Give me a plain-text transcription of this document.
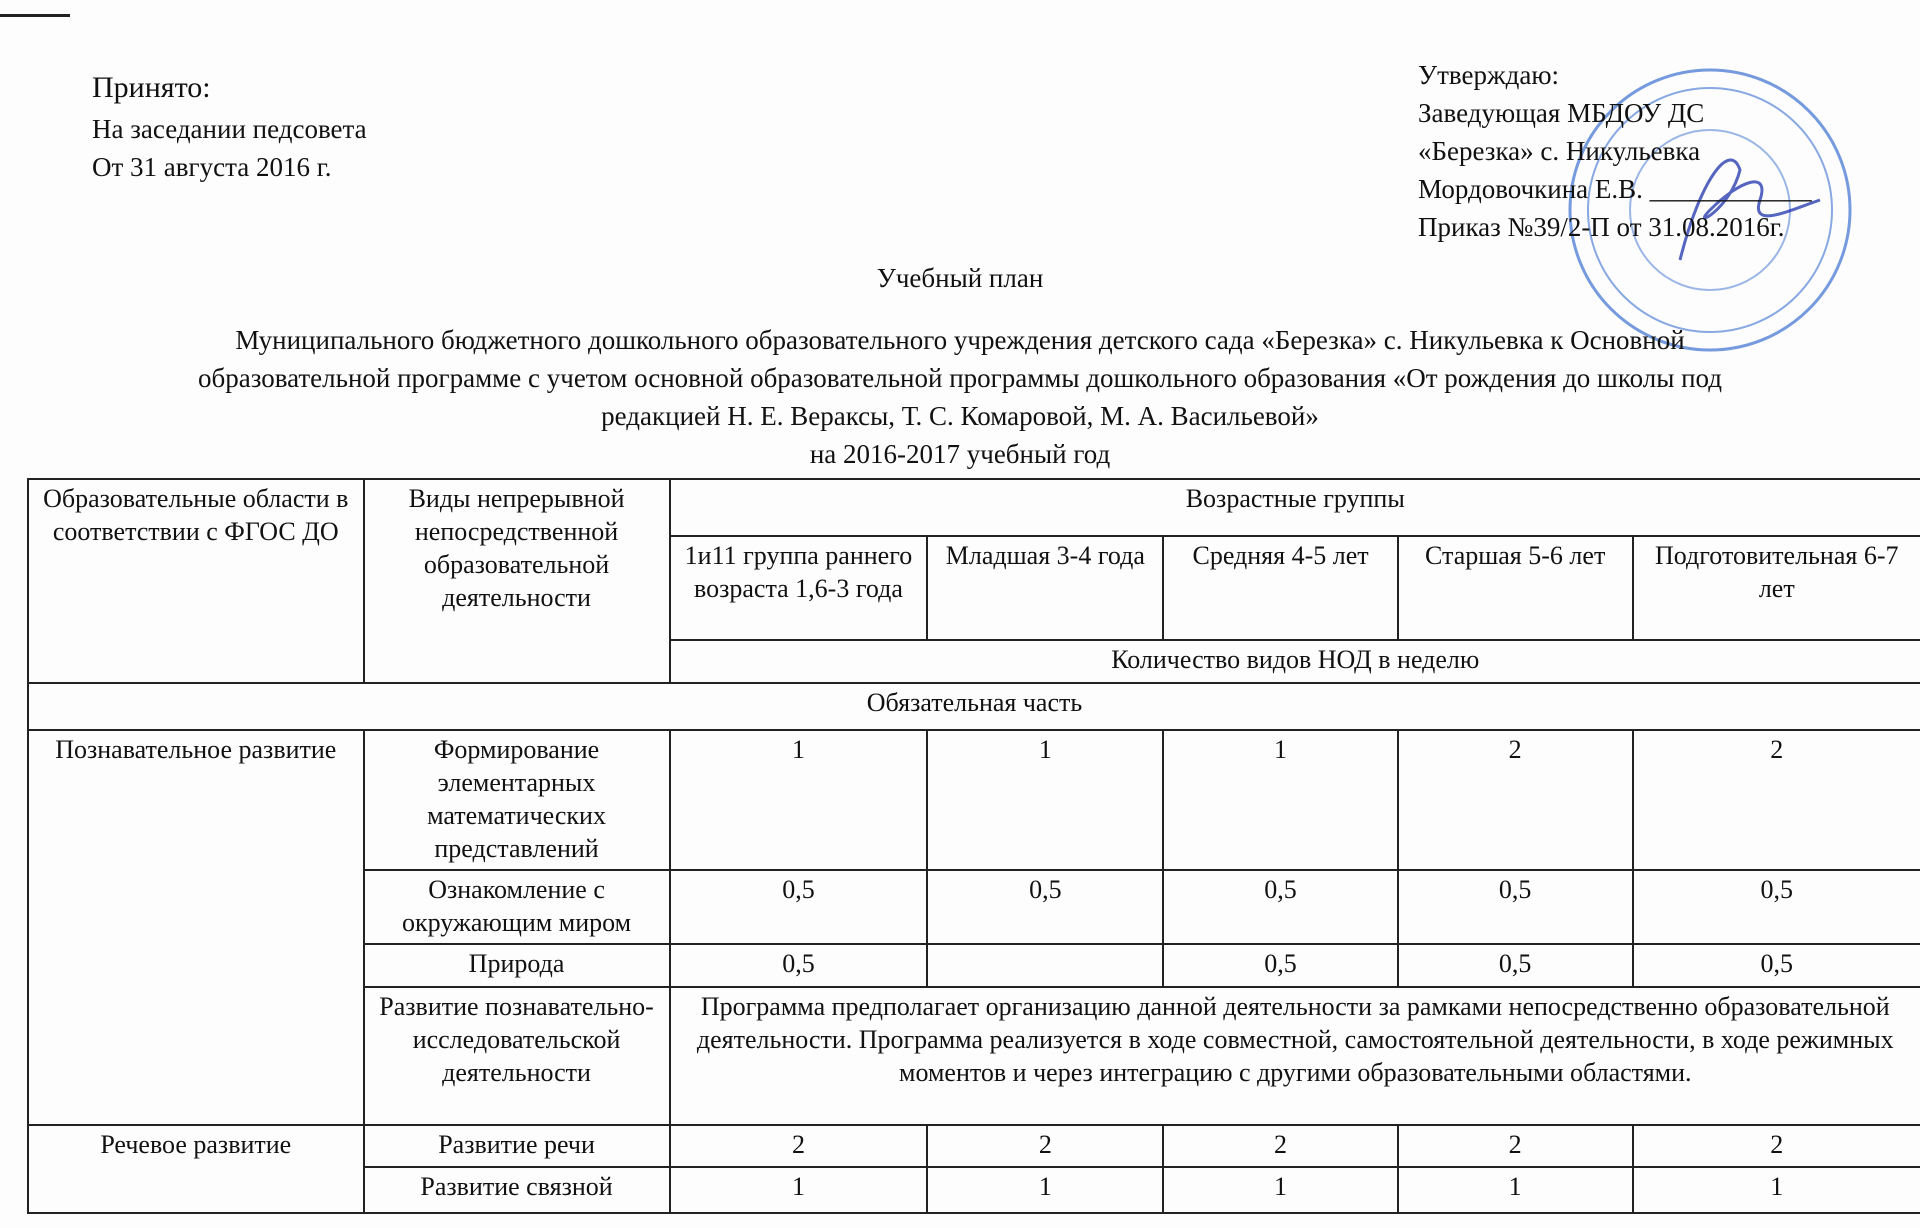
Принято:
На заседании педсовета
От 31 августа 2016 г.
Утверждаю:
Заведующая МБДОУ ДС
«Березка» с. Никульевка
Мордовочкина Е.В. ____________
Приказ №39/2-П от 31.08.2016г.
Учебный план
Муниципального бюджетного дошкольного образовательного учреждения детского сада «Березка» с. Никульевка к Основной
образовательной программе с учетом основной образовательной программы дошкольного образования «От рождения до школы под
редакцией Н. Е. Вераксы, Т. С. Комаровой, М. А. Васильевой»
на 2016-2017 учебный год
Образовательные области в соответствии с ФГОС ДО	Виды непрерывной непосредственной образовательной деятельности	Возрастные группы				
		1и11 группа раннего возраста 1,6-3 года	Младшая 3-4 года	Средняя 4-5 лет	Старшая 5-6 лет	Подготовительная 6-7 лет
		Количество видов НОД в неделю				
Обязательная часть						
Познавательное развитие	Формирование элементарных математических представлений	1	1	1	2	2
	Ознакомление с окружающим миром	0,5	0,5	0,5	0,5	0,5
	Природа	0,5		0,5	0,5	0,5
	Развитие познавательно-исследовательской деятельности	Программа предполагает организацию данной деятельности за рамками непосредственно образовательной деятельности. Программа реализуется в ходе совместной, самостоятельной деятельности, в ходе режимных моментов и через интеграцию с другими образовательными областями.				
Речевое развитие	Развитие речи	2	2	2	2	2
	Развитие связной	1	1	1	1	1
